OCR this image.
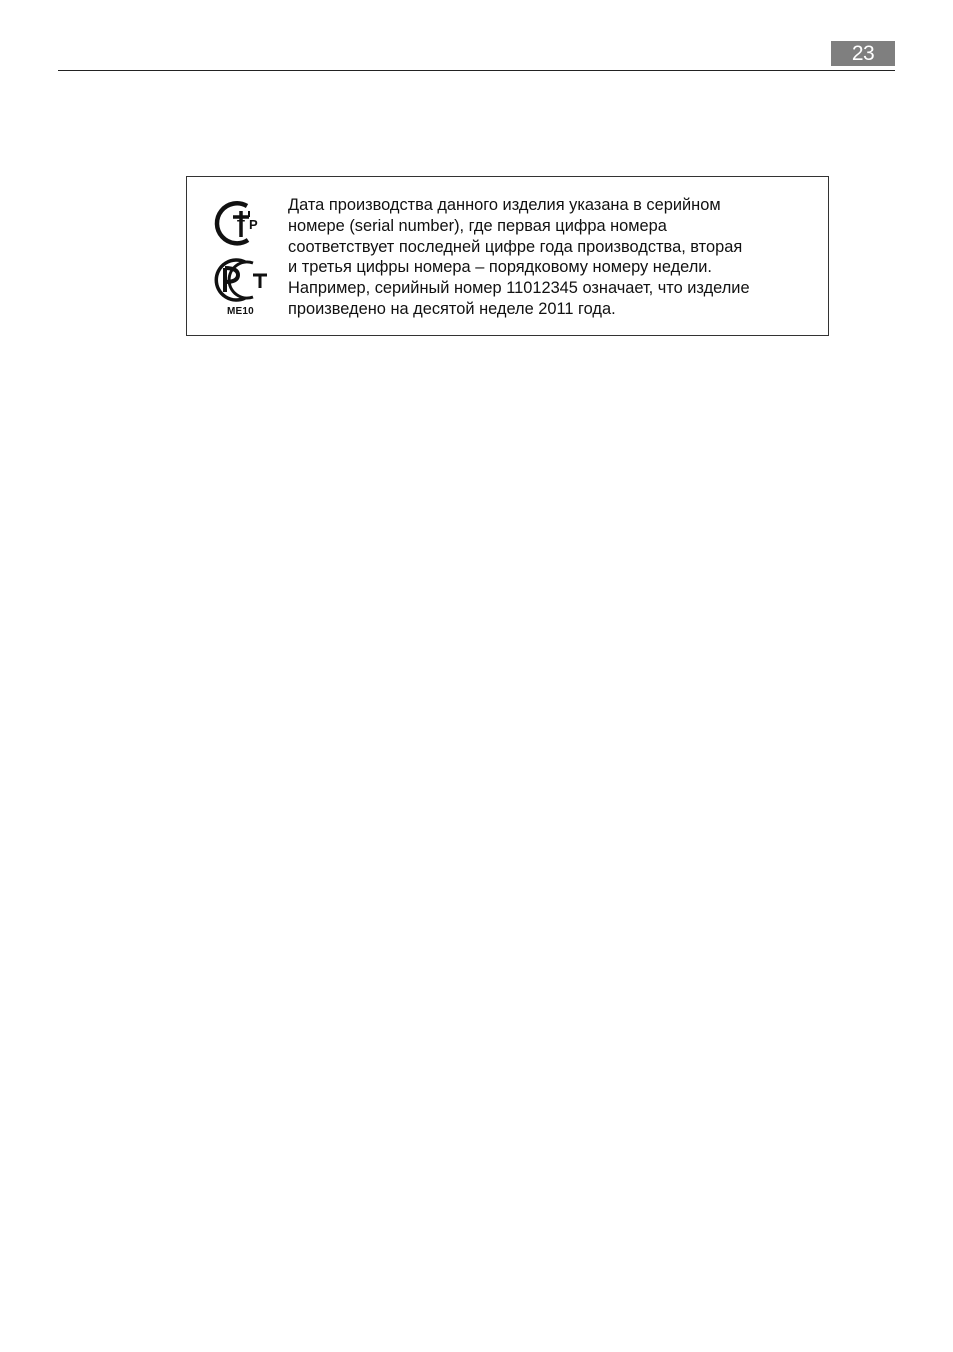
23
T P
ME10
Дата производства данного изделия указана в серийном
номере (serial number), где первая цифра номера
соответствует последней цифре года производства, вторая
и третья цифры номера – порядковому номеру недели.
Например, серийный номер 11012345 означает, что изделие
произведено на десятой неделе 2011 года.
